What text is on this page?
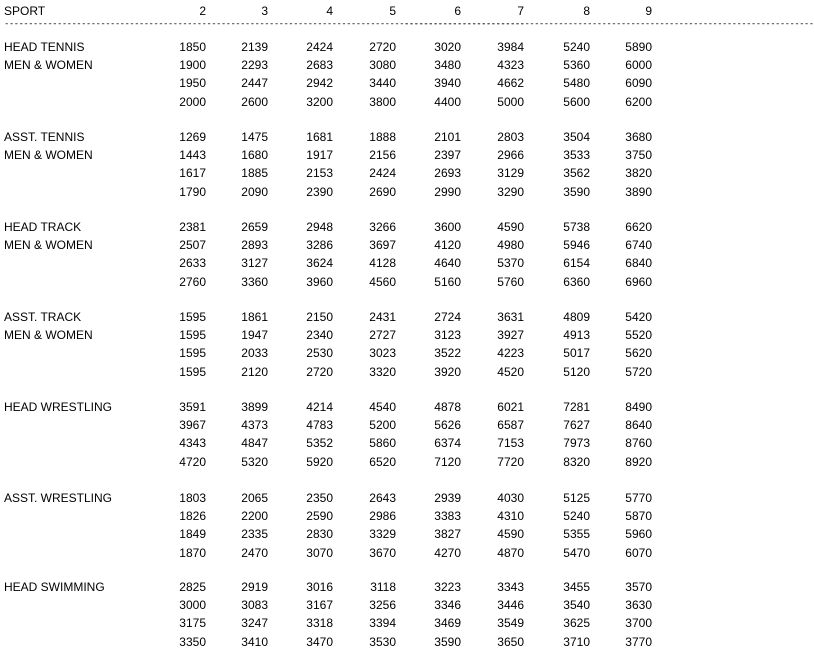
SPORT	2	3	4	5	6	7	8	9
------------------------------------------------------------------------------------------------------------
-------------------------------------------------------------------------------------
HEAD TENNIS	1850	2139	2424	2720	3020	3984	5240	5890
MEN & WOMEN	1900	2293	2683	3080	3480	4323	5360	6000
1950	2447	2942	3440	3940	4662	5480	6090
2000	2600	3200	3800	4400	5000	5600	6200
ASST. TENNIS	1269	1475	1681	1888	2101	2803	3504	3680
MEN & WOMEN	1443	1680	1917	2156	2397	2966	3533	3750
1617	1885	2153	2424	2693	3129	3562	3820
1790	2090	2390	2690	2990	3290	3590	3890
HEAD TRACK	2381	2659	2948	3266	3600	4590	5738	6620
MEN & WOMEN	2507	2893	3286	3697	4120	4980	5946	6740
2633	3127	3624	4128	4640	5370	6154	6840
2760	3360	3960	4560	5160	5760	6360	6960
ASST. TRACK	1595	1861	2150	2431	2724	3631	4809	5420
MEN & WOMEN	1595	1947	2340	2727	3123	3927	4913	5520
1595	2033	2530	3023	3522	4223	5017	5620
1595	2120	2720	3320	3920	4520	5120	5720
HEAD WRESTLING	3591	3899	4214	4540	4878	6021	7281	8490
3967	4373	4783	5200	5626	6587	7627	8640
4343	4847	5352	5860	6374	7153	7973	8760
4720	5320	5920	6520	7120	7720	8320	8920
ASST. WRESTLING	1803	2065	2350	2643	2939	4030	5125	5770
1826	2200	2590	2986	3383	4310	5240	5870
1849	2335	2830	3329	3827	4590	5355	5960
1870	2470	3070	3670	4270	4870	5470	6070
HEAD SWIMMING	2825	2919	3016	3118	3223	3343	3455	3570
3000	3083	3167	3256	3346	3446	3540	3630
3175	3247	3318	3394	3469	3549	3625	3700
3350	3410	3470	3530	3590	3650	3710	3770
